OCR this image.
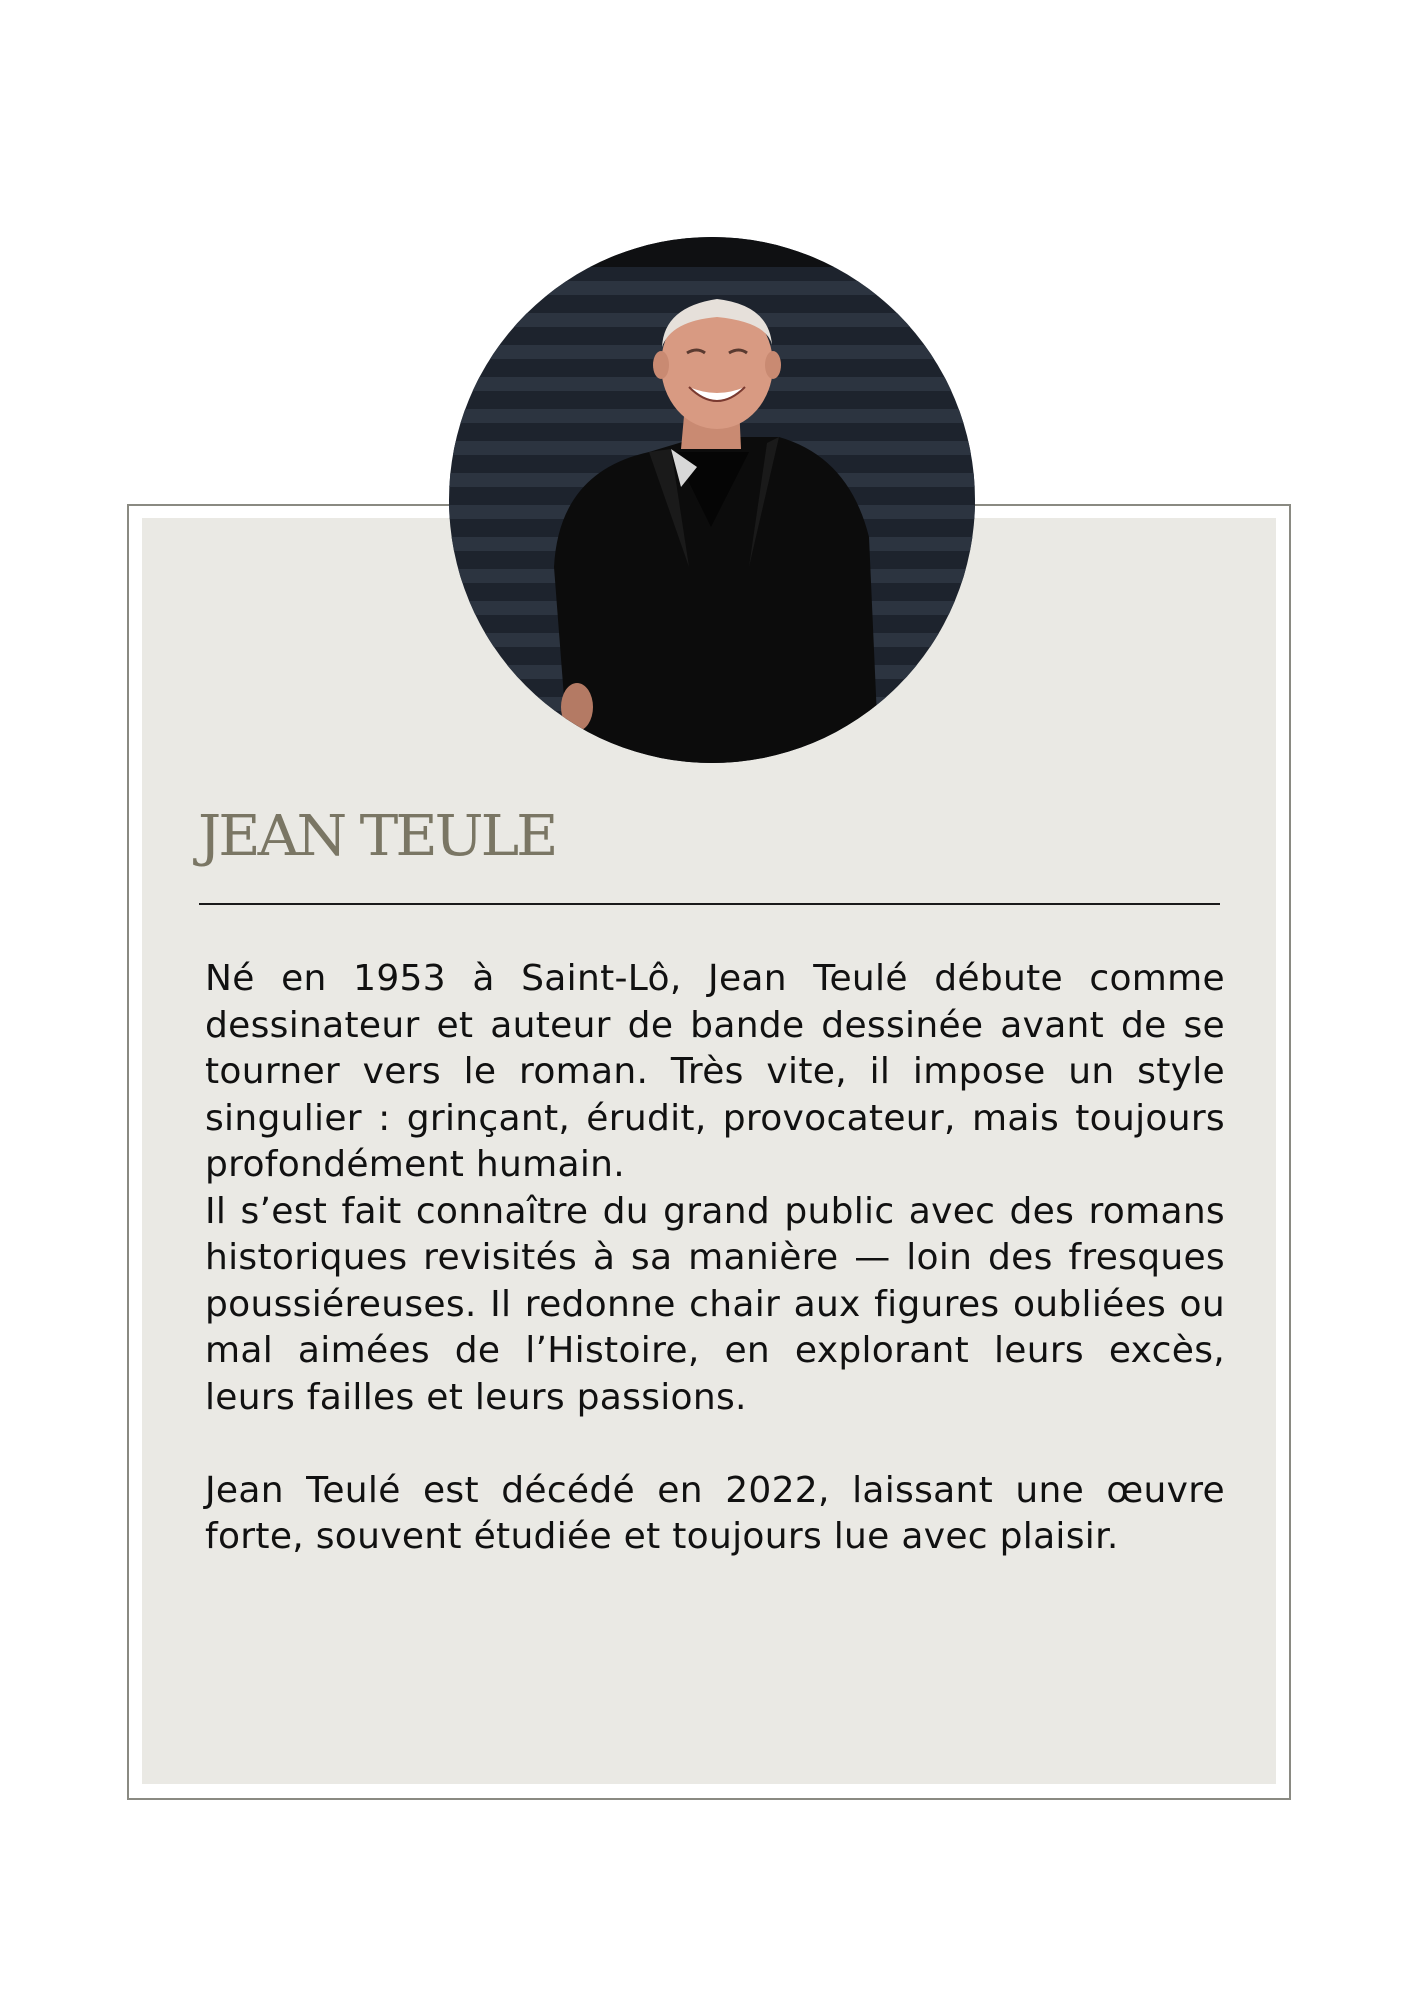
JEAN TEULE

Né en 1953 à Saint-Lô, Jean Teulé débute comme dessinateur et auteur de bande dessinée avant de se tourner vers le roman. Très vite, il impose un style singulier : grinçant, érudit, provocateur, mais toujours profondément humain.

Il s’est fait connaître du grand public avec des romans historiques revisités à sa manière — loin des fresques poussiéreuses. Il redonne chair aux figures oubliées ou mal aimées de l’Histoire, en explorant leurs excès, leurs failles et leurs passions.

Jean Teulé est décédé en 2022, laissant une œuvre forte, souvent étudiée et toujours lue avec plaisir.
